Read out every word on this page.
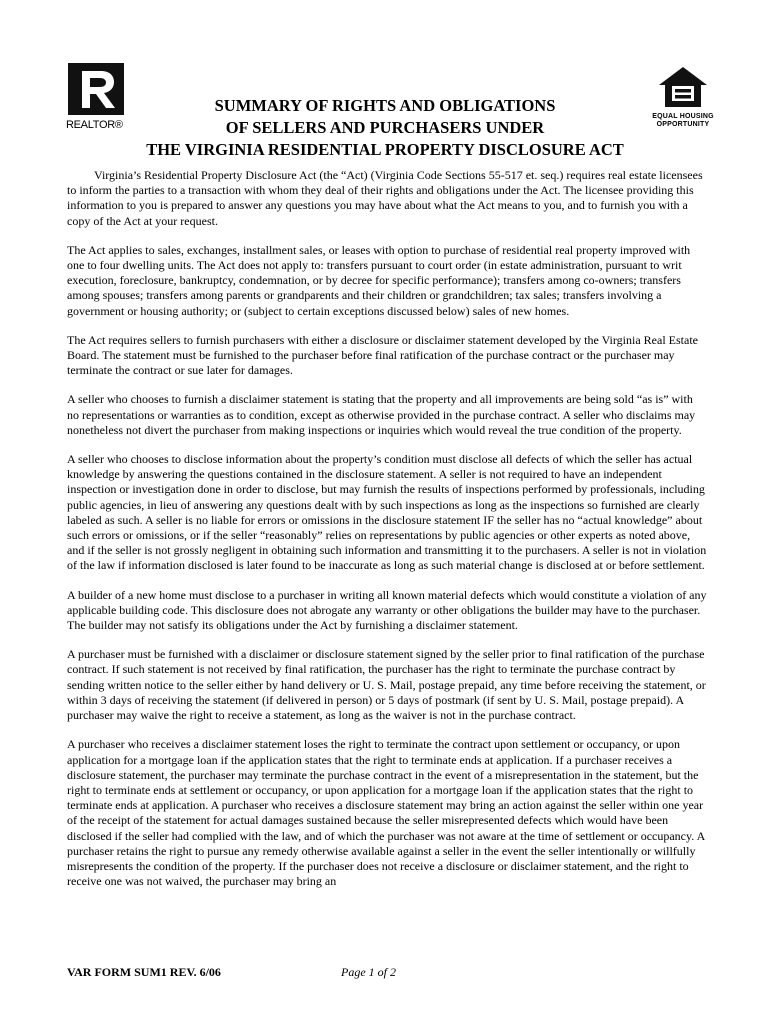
REALTOR®
EQUAL HOUSING
OPPORTUNITY
SUMMARY OF RIGHTS AND OBLIGATIONS
OF SELLERS AND PURCHASERS UNDER
THE VIRGINIA RESIDENTIAL PROPERTY DISCLOSURE ACT

Virginia’s Residential Property Disclosure Act (the “Act) (Virginia Code Sections 55-517 et. seq.) requires real estate licensees to inform the parties to a transaction with whom they deal of their rights and obligations under the Act. The licensee providing this information to you is prepared to answer any questions you may have about what the Act means to you, and to furnish you with a copy of the Act at your request.

The Act applies to sales, exchanges, installment sales, or leases with option to purchase of residential real property improved with one to four dwelling units. The Act does not apply to: transfers pursuant to court order (in estate administration, pursuant to writ execution, foreclosure, bankruptcy, condemnation, or by decree for specific performance); transfers among co-owners; transfers among spouses; transfers among parents or grandparents and their children or grandchildren; tax sales; transfers involving a government or housing authority; or (subject to certain exceptions discussed below) sales of new homes.

The Act requires sellers to furnish purchasers with either a disclosure or disclaimer statement developed by the Virginia Real Estate Board. The statement must be furnished to the purchaser before final ratification of the purchase contract or the purchaser may terminate the contract or sue later for damages.

A seller who chooses to furnish a disclaimer statement is stating that the property and all improvements are being sold “as is” with no representations or warranties as to condition, except as otherwise provided in the purchase contract. A seller who disclaims may nonetheless not divert the purchaser from making inspections or inquiries which would reveal the true condition of the property.

A seller who chooses to disclose information about the property’s condition must disclose all defects of which the seller has actual knowledge by answering the questions contained in the disclosure statement. A seller is not required to have an independent inspection or investigation done in order to disclose, but may furnish the results of inspections performed by professionals, including public agencies, in lieu of answering any questions dealt with by such inspections as long as the inspections so furnished are clearly labeled as such. A seller is no liable for errors or omissions in the disclosure statement IF the seller has no “actual knowledge” about such errors or omissions, or if the seller “reasonably” relies on representations by public agencies or other experts as noted above, and if the seller is not grossly negligent in obtaining such information and transmitting it to the purchasers. A seller is not in violation of the law if information disclosed is later found to be inaccurate as long as such material change is disclosed at or before settlement.

A builder of a new home must disclose to a purchaser in writing all known material defects which would constitute a violation of any applicable building code. This disclosure does not abrogate any warranty or other obligations the builder may have to the purchaser. The builder may not satisfy its obligations under the Act by furnishing a disclaimer statement.

A purchaser must be furnished with a disclaimer or disclosure statement signed by the seller prior to final ratification of the purchase contract. If such statement is not received by final ratification, the purchaser has the right to terminate the purchase contract by sending written notice to the seller either by hand delivery or U. S. Mail, postage prepaid, any time before receiving the statement, or within 3 days of receiving the statement (if delivered in person) or 5 days of postmark (if sent by U. S. Mail, postage prepaid). A purchaser may waive the right to receive a statement, as long as the waiver is not in the purchase contract.

A purchaser who receives a disclaimer statement loses the right to terminate the contract upon settlement or occupancy, or upon application for a mortgage loan if the application states that the right to terminate ends at application. If a purchaser receives a disclosure statement, the purchaser may terminate the purchase contract in the event of a misrepresentation in the statement, but the right to terminate ends at settlement or occupancy, or upon application for a mortgage loan if the application states that the right to terminate ends at application. A purchaser who receives a disclosure statement may bring an action against the seller within one year of the receipt of the statement for actual damages sustained because the seller misrepresented defects which would have been disclosed if the seller had complied with the law, and of which the purchaser was not aware at the time of settlement or occupancy. A purchaser retains the right to pursue any remedy otherwise available against a seller in the event the seller intentionally or willfully misrepresents the condition of the property. If the purchaser does not receive a disclosure or disclaimer statement, and the right to receive one was not waived, the purchaser may bring an

VAR FORM SUM1 REV. 6/06	Page 1 of 2
